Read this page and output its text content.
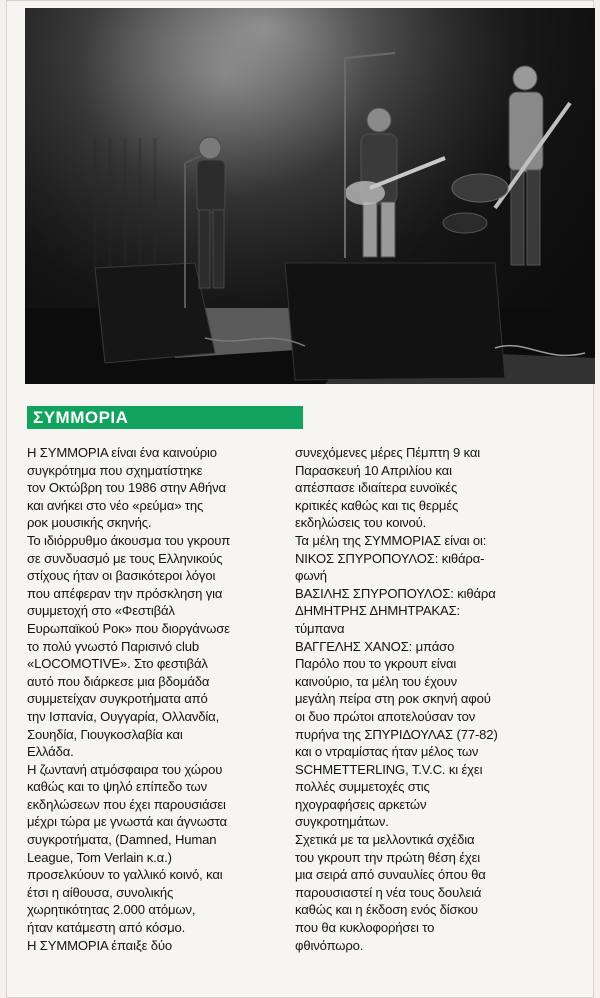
ΣΥΜΜΟΡΙΑ
Η ΣΥΜΜΟΡΙΑ είναι ένα καινούριο
συγκρότημα που σχηματίστηκε
τον Οκτώβρη του 1986 στην Αθήνα
και ανήκει στο νέο «ρεύμα» της
ροκ μουσικής σκηνής.
Το ιδιόρρυθμο άκουσμα του γκρουπ
σε συνδυασμό με τους Ελληνικούς
στίχους ήταν οι βασικότεροι λόγοι
που απέφεραν την πρόσκληση για
συμμετοχή στο «Φεστιβάλ
Ευρωπαϊκού Ροκ» που διοργάνωσε
το πολύ γνωστό Παρισινό club
«LOCOMOTIVE». Στο φεστιβάλ
αυτό που διάρκεσε μια βδομάδα
συμμετείχαν συγκροτήματα από
την Ισπανία, Ουγγαρία, Ολλανδία,
Σουηδία, Γιουγκοσλαβία και
Ελλάδα.
Η ζωντανή ατμόσφαιρα του χώρου
καθώς και το ψηλό επίπεδο των
εκδηλώσεων που έχει παρουσιάσει
μέχρι τώρα με γνωστά και άγνωστα
συγκροτήματα, (Damned, Human
League, Tom Verlain κ.α.)
προσελκύουν το γαλλικό κοινό, και
έτσι η αίθουσα, συνολικής
χωρητικότητας 2.000 ατόμων,
ήταν κατάμεστη από κόσμο.
Η ΣΥΜΜΟΡΙΑ έπαιξε δύο
συνεχόμενες μέρες Πέμπτη 9 και
Παρασκευή 10 Απριλίου και
απέσπασε ιδιαίτερα ευνοϊκές
κριτικές καθώς και τις θερμές
εκδηλώσεις του κοινού.
Τα μέλη της ΣΥΜΜΟΡΙΑΣ είναι οι:
ΝΙΚΟΣ ΣΠΥΡΟΠΟΥΛΟΣ: κιθάρα-
φωνή
ΒΑΣΙΛΗΣ ΣΠΥΡΟΠΟΥΛΟΣ: κιθάρα
ΔΗΜΗΤΡΗΣ ΔΗΜΗΤΡΑΚΑΣ:
τύμπανα
ΒΑΓΓΕΛΗΣ ΧΑΝΟΣ: μπάσο
Παρόλο που το γκρουπ είναι
καινούριο, τα μέλη του έχουν
μεγάλη πείρα στη ροκ σκηνή αφού
οι δυο πρώτοι αποτελούσαν τον
πυρήνα της ΣΠΥΡΙΔΟΥΛΑΣ (77-82)
και ο ντραμίστας ήταν μέλος των
SCHMETTERLING, T.V.C. κι έχει
πολλές συμμετοχές στις
ηχογραφήσεις αρκετών
συγκροτημάτων.
Σχετικά με τα μελλοντικά σχέδια
του γκρουπ την πρώτη θέση έχει
μια σειρά από συναυλίες όπου θα
παρουσιαστεί η νέα τους δουλειά
καθώς και η έκδοση ενός δίσκου
που θα κυκλοφορήσει το
φθινόπωρο.
